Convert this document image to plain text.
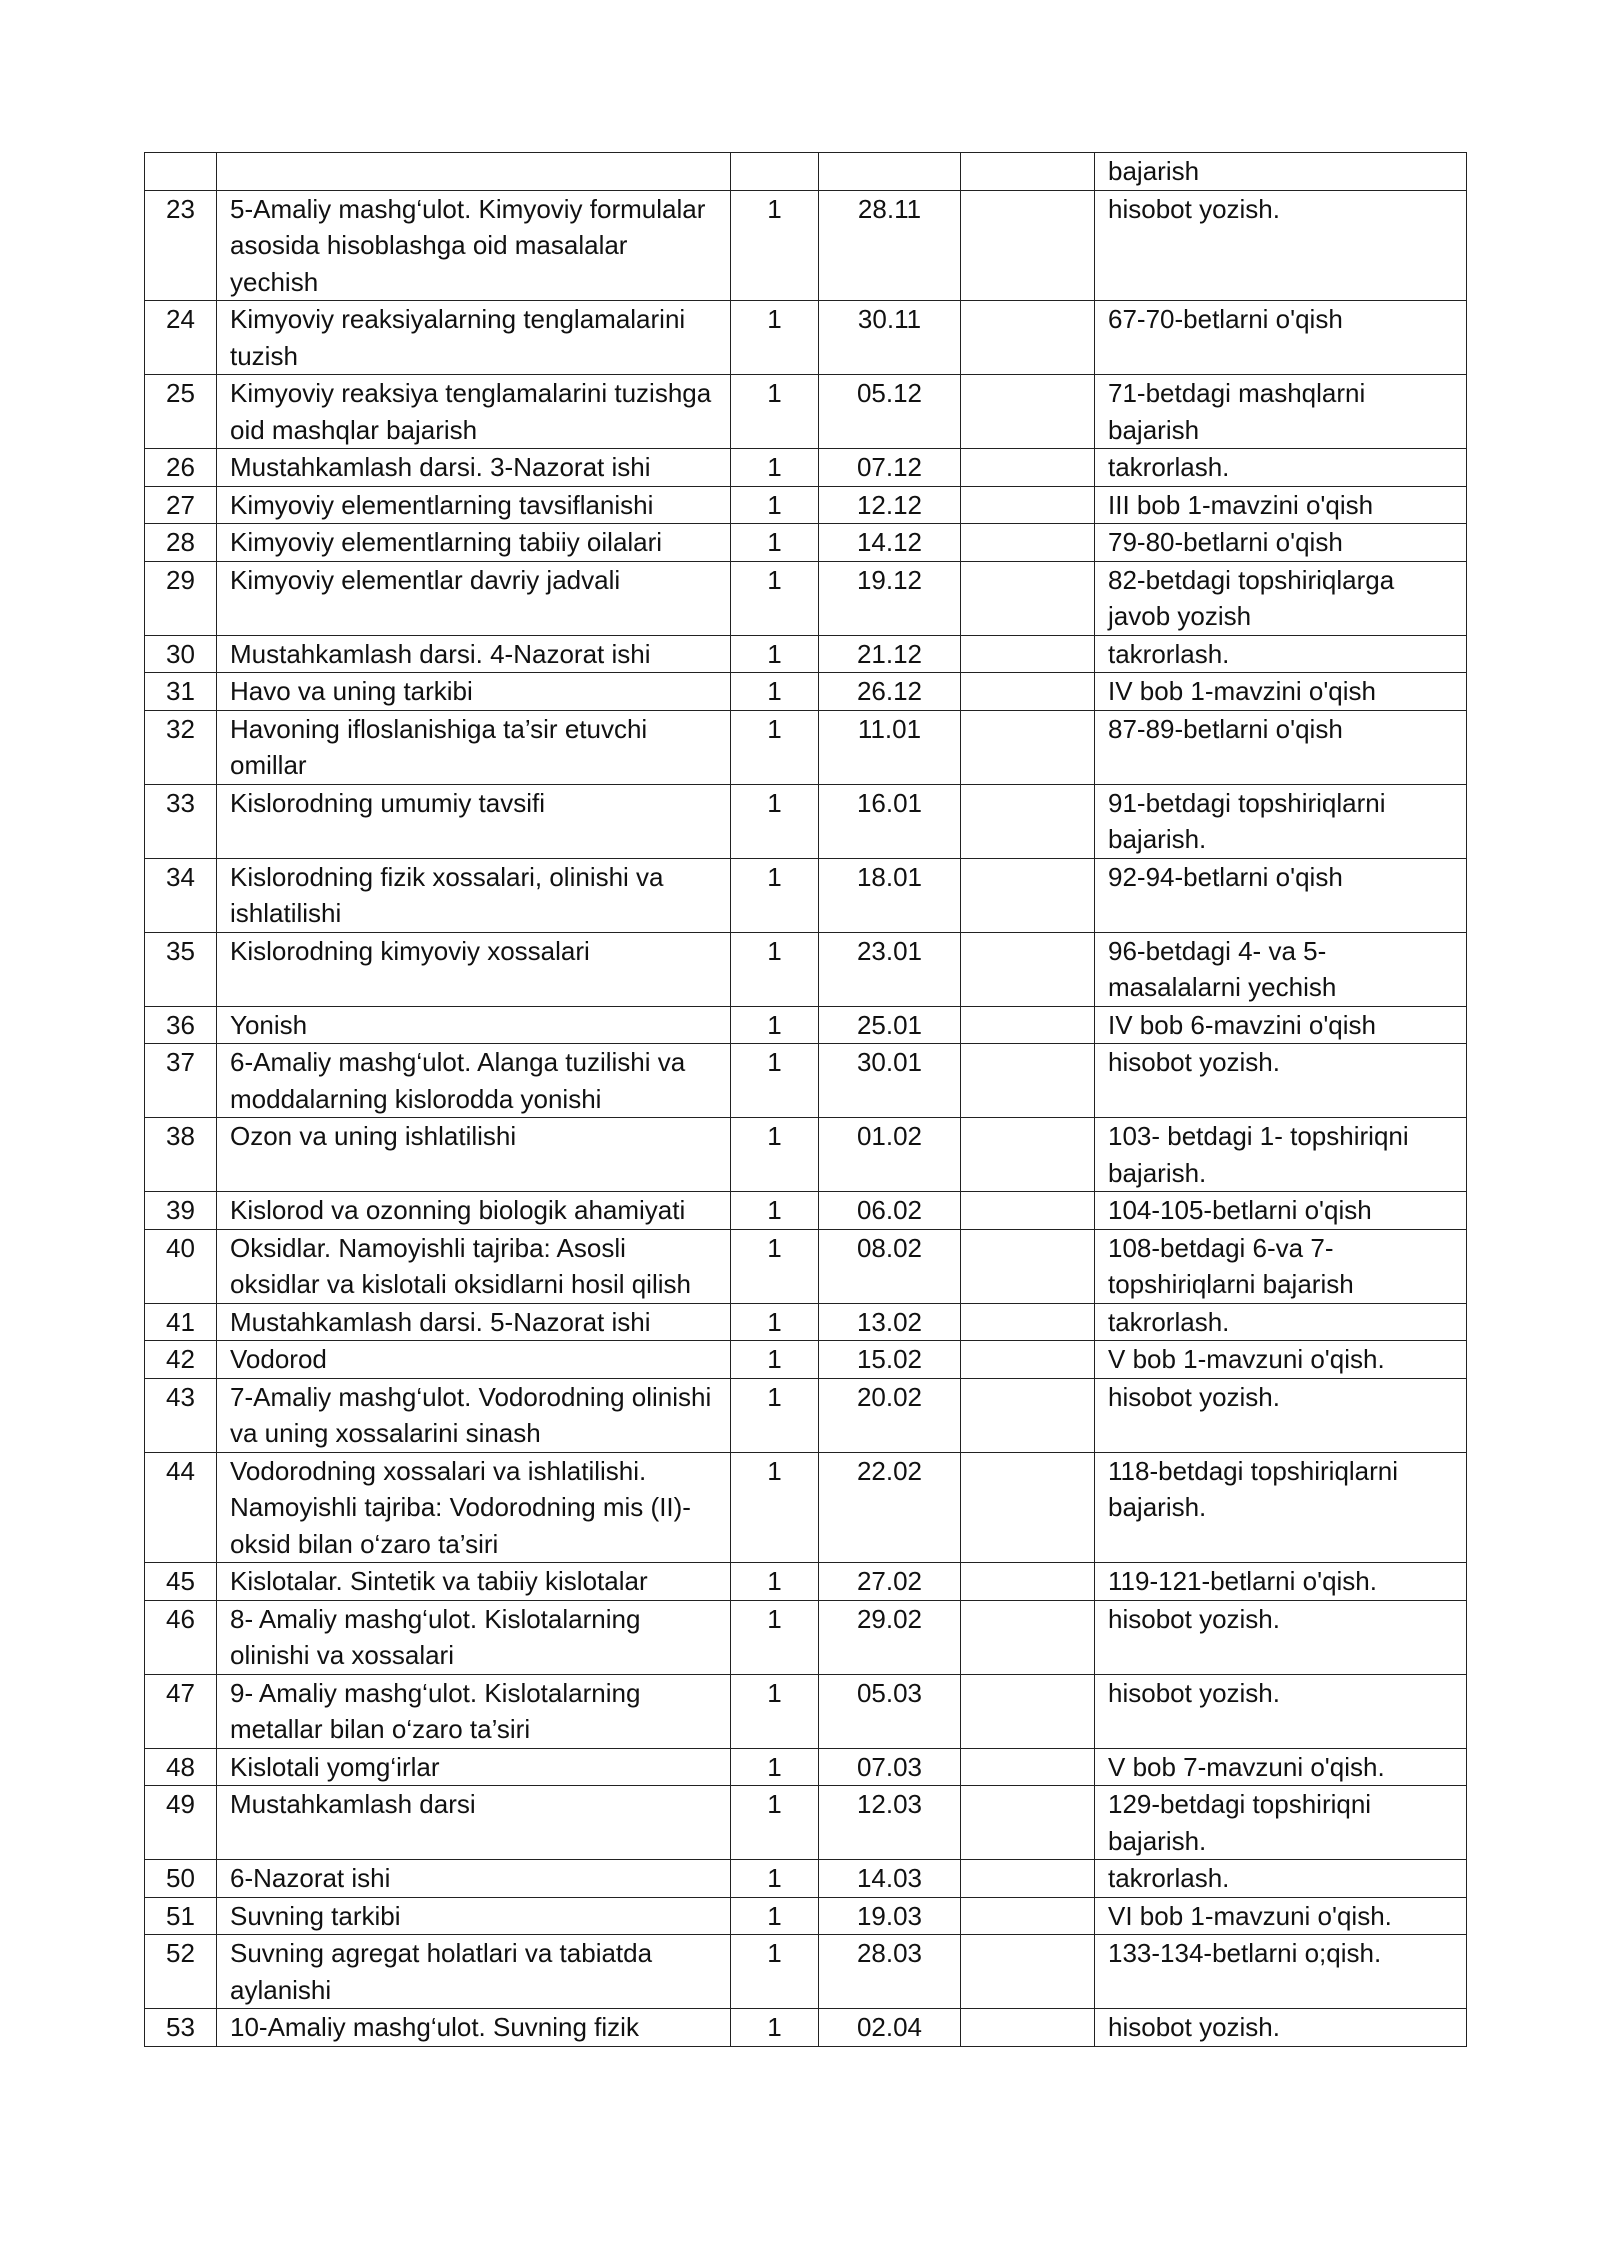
					bajarish
23	5-Amaliy mashg‘ulot. Kimyoviy formulalar asosida hisoblashga oid masalalar yechish	1	28.11		hisobot yozish.
24	Kimyoviy reaksiyalarning tenglamalarini tuzish	1	30.11		67-70-betlarni o'qish
25	Kimyoviy reaksiya tenglamalarini tuzishga oid mashqlar bajarish	1	05.12		71-betdagi mashqlarni bajarish
26	Mustahkamlash darsi. 3-Nazorat ishi	1	07.12		takrorlash.
27	Kimyoviy elementlarning tavsiflanishi	1	12.12		III bob 1-mavzini o'qish
28	Kimyoviy elementlarning tabiiy oilalari	1	14.12		79-80-betlarni o'qish
29	Kimyoviy elementlar davriy jadvali	1	19.12		82-betdagi topshiriqlarga javob yozish
30	Mustahkamlash darsi. 4-Nazorat ishi	1	21.12		takrorlash.
31	Havo va uning tarkibi	1	26.12		IV bob 1-mavzini o'qish
32	Havoning ifloslanishiga ta’sir etuvchi omillar	1	11.01		87-89-betlarni o'qish
33	Kislorodning umumiy tavsifi	1	16.01		91-betdagi topshiriqlarni bajarish.
34	Kislorodning fizik xossalari, olinishi va ishlatilishi	1	18.01		92-94-betlarni o'qish
35	Kislorodning kimyoviy xossalari	1	23.01		96-betdagi 4- va 5- masalalarni yechish
36	Yonish	1	25.01		IV bob 6-mavzini o'qish
37	6-Amaliy mashg‘ulot. Alanga tuzilishi va moddalarning kislorodda yonishi	1	30.01		hisobot yozish.
38	Ozon va uning ishlatilishi	1	01.02		103- betdagi 1- topshiriqni bajarish.
39	Kislorod va ozonning biologik ahamiyati	1	06.02		104-105-betlarni o'qish
40	Oksidlar. Namoyishli tajriba: Asosli oksidlar va kislotali oksidlarni hosil qilish	1	08.02		108-betdagi 6-va 7- topshiriqlarni bajarish
41	Mustahkamlash darsi. 5-Nazorat ishi	1	13.02		takrorlash.
42	Vodorod	1	15.02		V bob 1-mavzuni o'qish.
43	7-Amaliy mashg‘ulot. Vodorodning olinishi va uning xossalarini sinash	1	20.02		hisobot yozish.
44	Vodorodning xossalari va ishlatilishi. Namoyishli tajriba: Vodorodning mis (II)-oksid bilan o‘zaro ta’siri	1	22.02		118-betdagi topshiriqlarni bajarish.
45	Kislotalar. Sintetik va tabiiy kislotalar	1	27.02		119-121-betlarni o'qish.
46	8- Amaliy mashg‘ulot. Kislotalarning olinishi va xossalari	1	29.02		hisobot yozish.
47	9- Amaliy mashg‘ulot. Kislotalarning metallar bilan o‘zaro ta’siri	1	05.03		hisobot yozish.
48	Kislotali yomg‘irlar	1	07.03		V bob 7-mavzuni o'qish.
49	Mustahkamlash darsi	1	12.03		129-betdagi topshiriqni bajarish.
50	6-Nazorat ishi	1	14.03		takrorlash.
51	Suvning tarkibi	1	19.03		VI bob 1-mavzuni o'qish.
52	Suvning agregat holatlari va tabiatda aylanishi	1	28.03		133-134-betlarni o;qish.
53	10-Amaliy mashg‘ulot. Suvning fizik	1	02.04		hisobot yozish.
